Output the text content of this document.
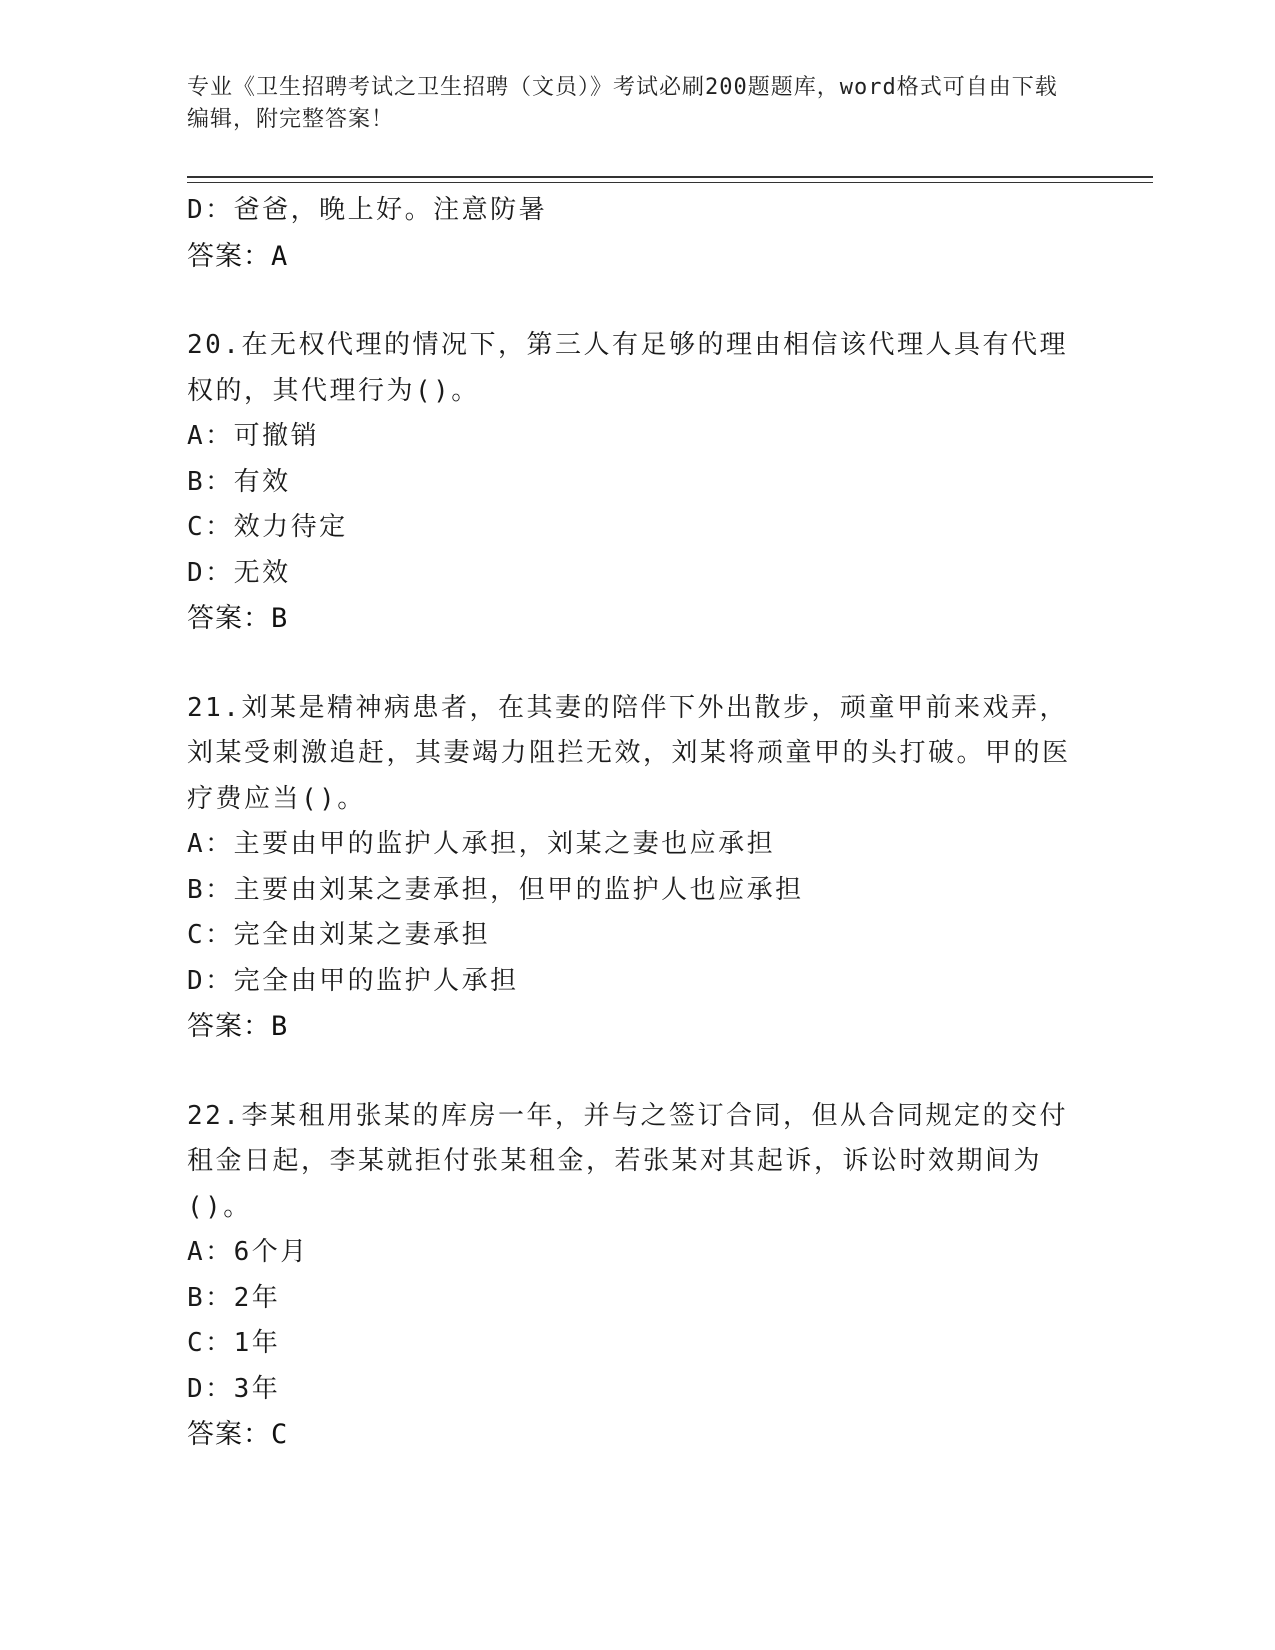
专业《卫生招聘考试之卫生招聘（文员）》考试必刷200题题库，word格式可自由下载编辑，附完整答案！
D：爸爸，晚上好。注意防暑
答案：A
20.在无权代理的情况下，第三人有足够的理由相信该代理人具有代理权的，其代理行为()。
A：可撤销
B：有效
C：效力待定
D：无效
答案：B
21.刘某是精神病患者，在其妻的陪伴下外出散步，顽童甲前来戏弄，刘某受刺激追赶，其妻竭力阻拦无效，刘某将顽童甲的头打破。甲的医疗费应当()。
A：主要由甲的监护人承担，刘某之妻也应承担
B：主要由刘某之妻承担，但甲的监护人也应承担
C：完全由刘某之妻承担
D：完全由甲的监护人承担
答案：B
22.李某租用张某的库房一年，并与之签订合同，但从合同规定的交付租金日起，李某就拒付张某租金，若张某对其起诉，诉讼时效期间为()。
A：6个月
B：2年
C：1年
D：3年
答案：C
